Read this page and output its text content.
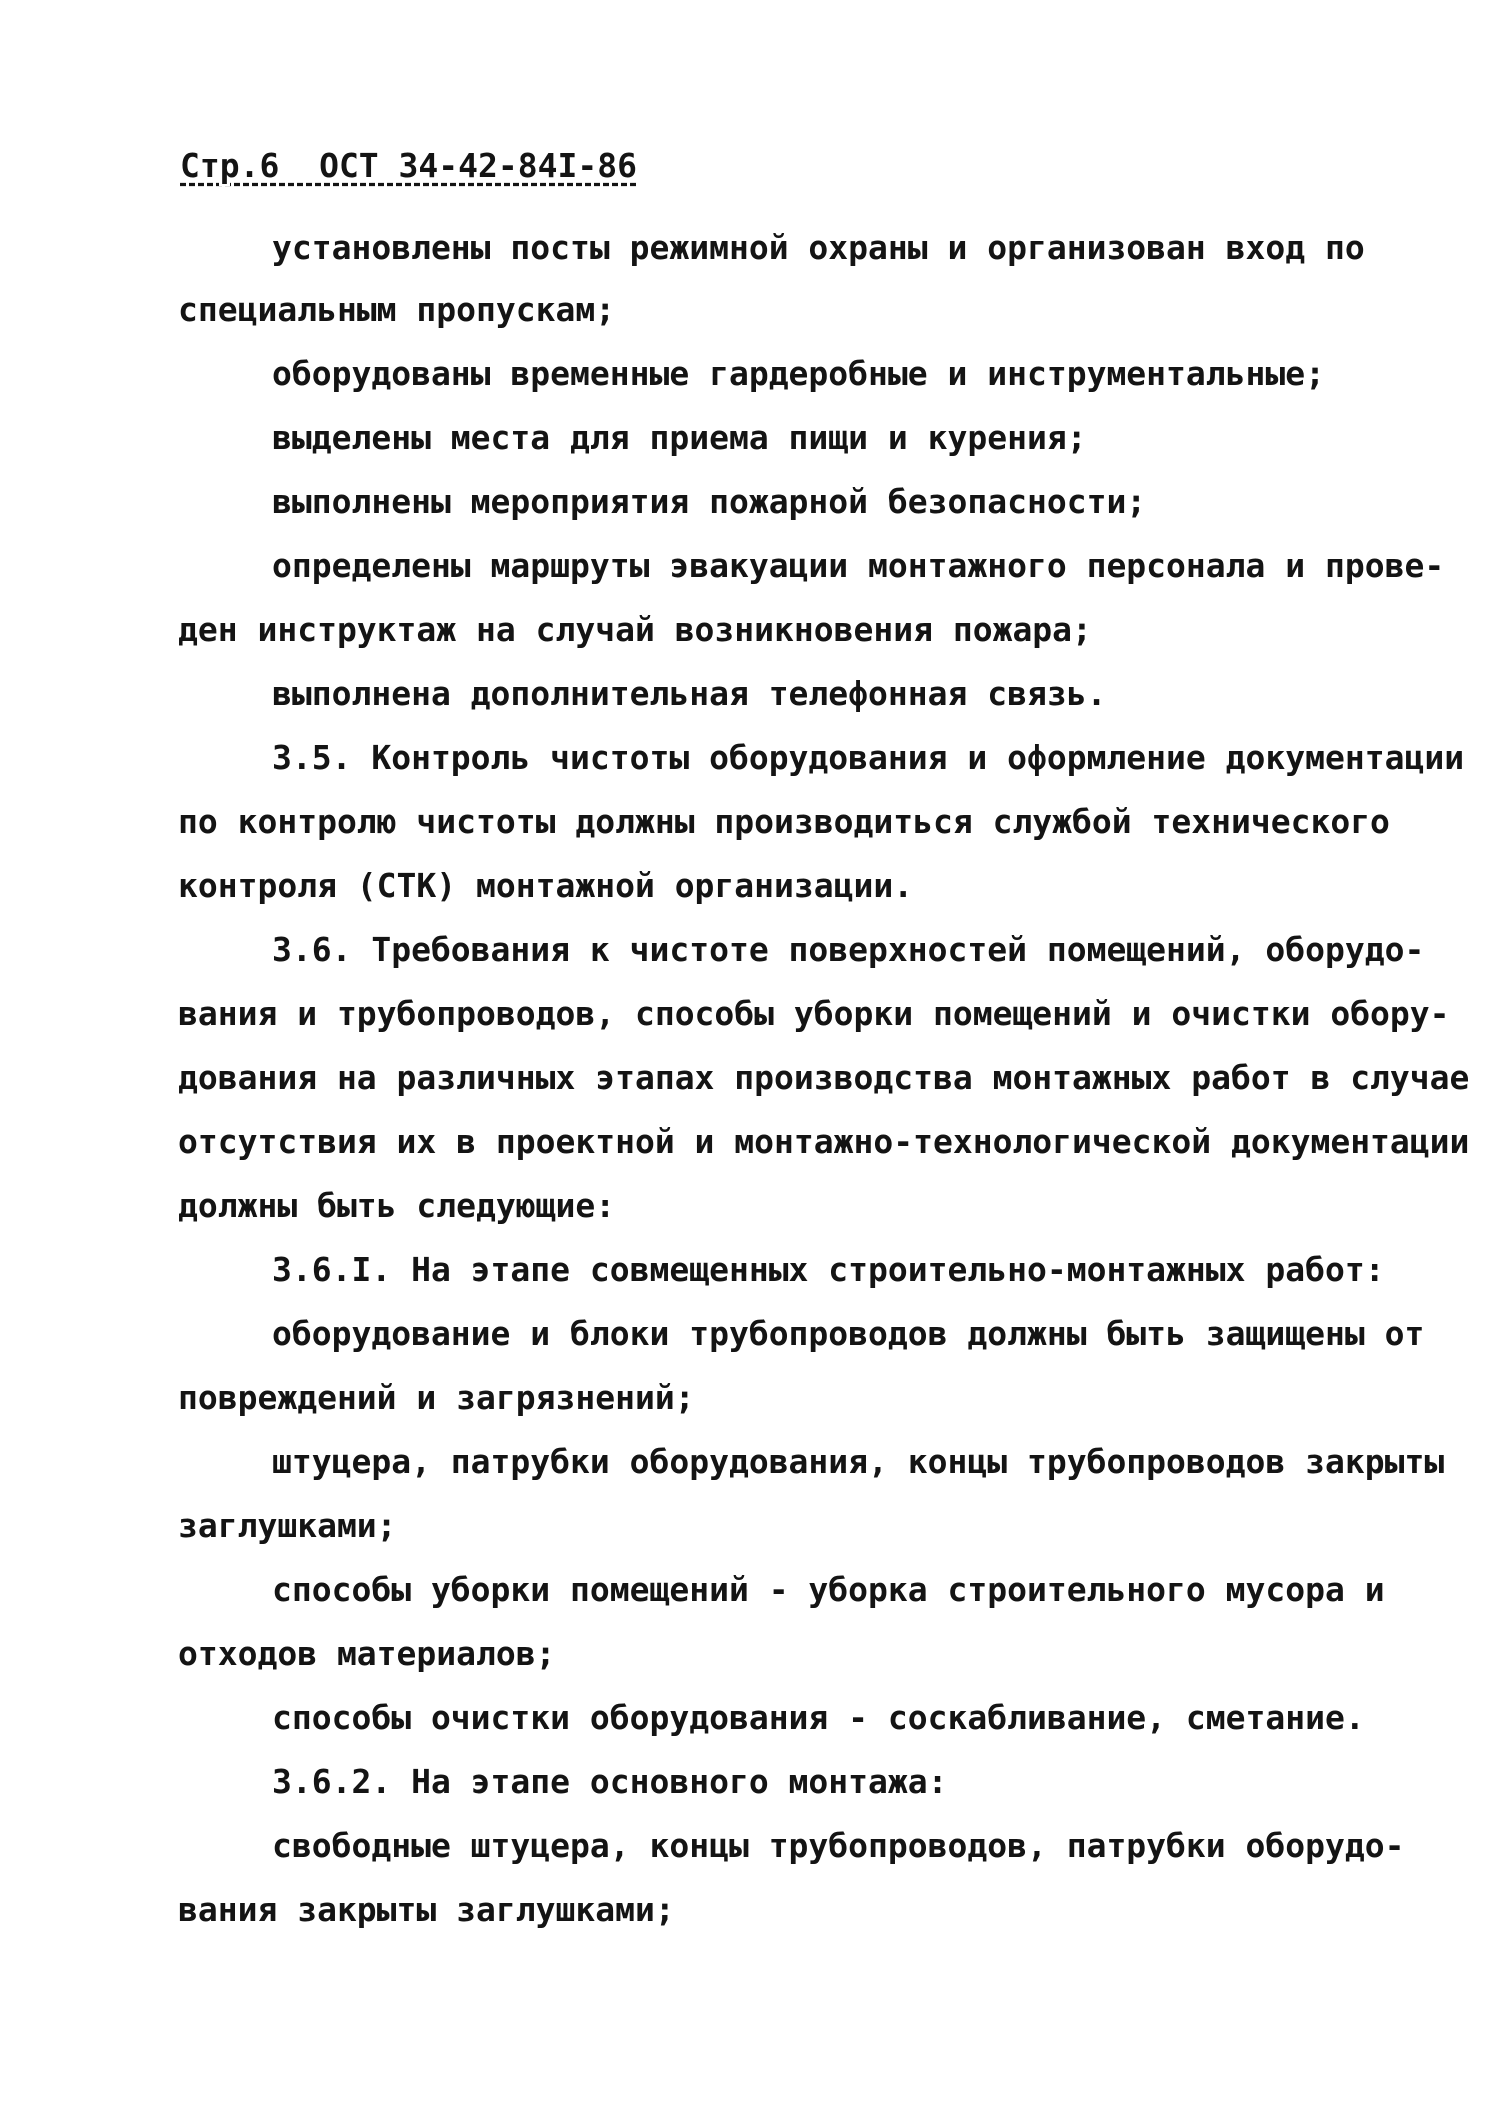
Стр.6  ОСТ 34-42-84I-86
установлены посты режимной охраны и организован вход по
специальным пропускам;
оборудованы временные гардеробные и инструментальные;
выделены места для приема пищи и курения;
выполнены мероприятия пожарной безопасности;
определены маршруты эвакуации монтажного персонала и прове-
ден инструктаж на случай возникновения пожара;
выполнена дополнительная телефонная связь.
3.5. Контроль чистоты оборудования и оформление документации
по контролю чистоты должны производиться службой технического
контроля (СТК) монтажной организации.
3.6. Требования к чистоте поверхностей помещений, оборудо-
вания и трубопроводов, способы уборки помещений и очистки обору-
дования на различных этапах производства монтажных работ в случае
отсутствия их в проектной и монтажно-технологической документации
должны быть следующие:
3.6.I. На этапе совмещенных строительно-монтажных работ:
оборудование и блоки трубопроводов должны быть защищены от
повреждений и загрязнений;
штуцера, патрубки оборудования, концы трубопроводов закрыты
заглушками;
способы уборки помещений - уборка строительного мусора и
отходов материалов;
способы очистки оборудования - соскабливание, сметание.
3.6.2. На этапе основного монтажа:
свободные штуцера, концы трубопроводов, патрубки оборудо-
вания закрыты заглушками;
